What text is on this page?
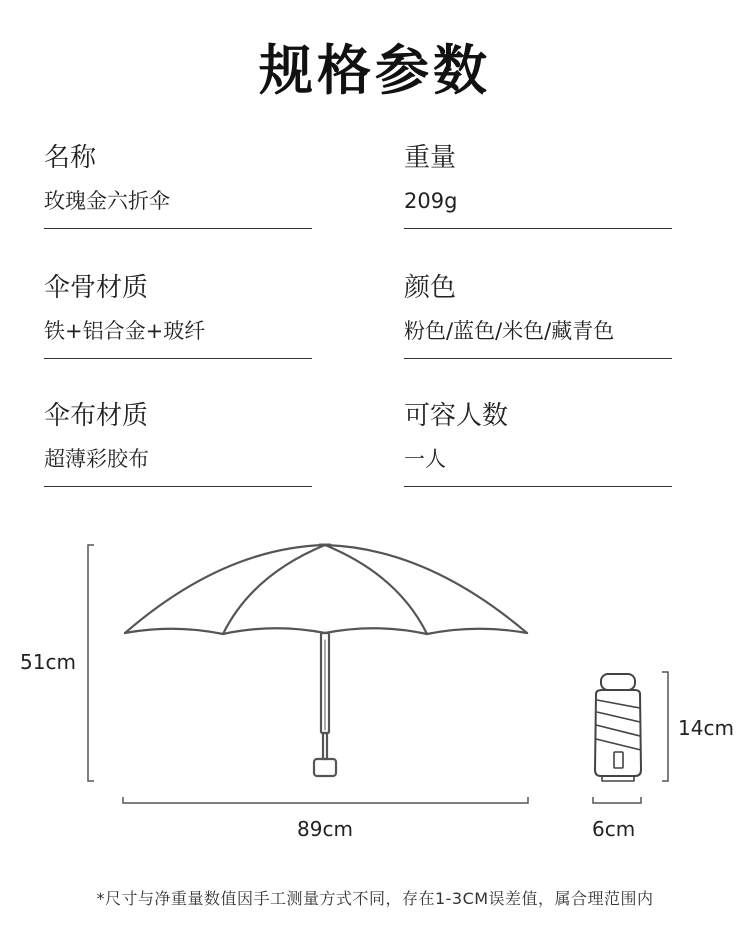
规格参数
名称
玫瑰金六折伞
重量
209g
伞骨材质
铁+铝合金+玻纤
颜色
粉色/蓝色/米色/藏青色
伞布材质
超薄彩胶布
可容人数
一人
51cm
89cm
14cm
6cm
*尺寸与净重量数值因手工测量方式不同，存在1-3CM误差值，属合理范围内
